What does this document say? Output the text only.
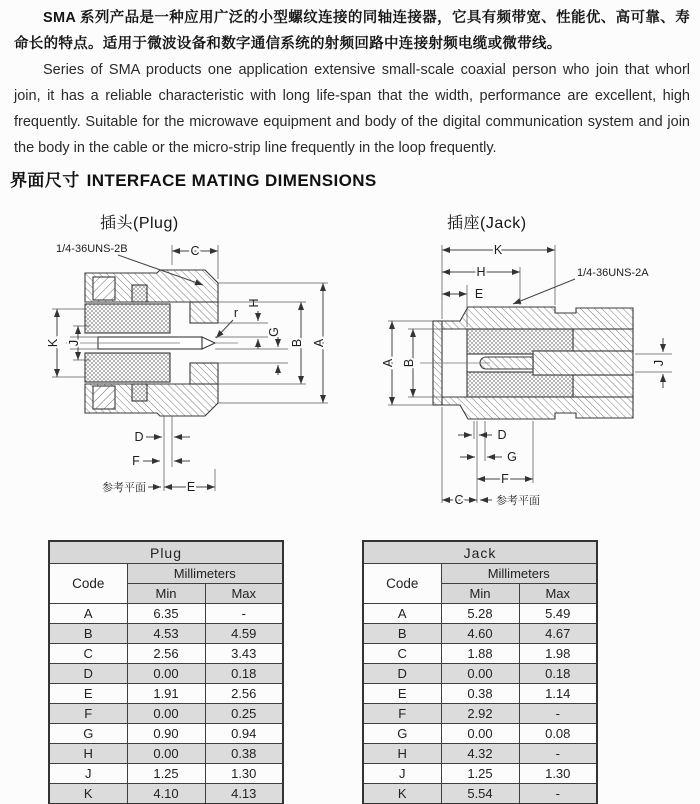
SMA 系列产品是一种应用广泛的小型螺纹连接的同轴连接器，它具有频带宽、性能优、高可靠、寿命长的特点。适用于微波设备和数字通信系统的射频回路中连接射频电缆或微带线。

Series of SMA products one application extensive small-scale coaxial person who join that whorl join, it has a reliable characteristic with long life-span that the width, performance are excellent, high frequently. Suitable for the microwave equipment and body of the digital communication system and join the body in the cable or the micro-strip line frequently in the loop frequently.

界面尺寸 INTERFACE MATING DIMENSIONS
插头(Plug)	插座(Jack)
C
1/4-36UNS-2B
K J
r
H
G
B A
D
F
E
参考平面
K
H
E
1/4-36UNS-2A
A B	J
D
G
F
C	参考平面
Plug		
Code	Millimeters	
	Min	Max
A	6.35	-
B	4.53	4.59
C	2.56	3.43
D	0.00	0.18
E	1.91	2.56
F	0.00	0.25
G	0.90	0.94
H	0.00	0.38
J	1.25	1.30
K	4.10	4.13
Jack		
Code	Millimeters	
	Min	Max
A	5.28	5.49
B	4.60	4.67
C	1.88	1.98
D	0.00	0.18
E	0.38	1.14
F	2.92	-
G	0.00	0.08
H	4.32	-
J	1.25	1.30
K	5.54	-
